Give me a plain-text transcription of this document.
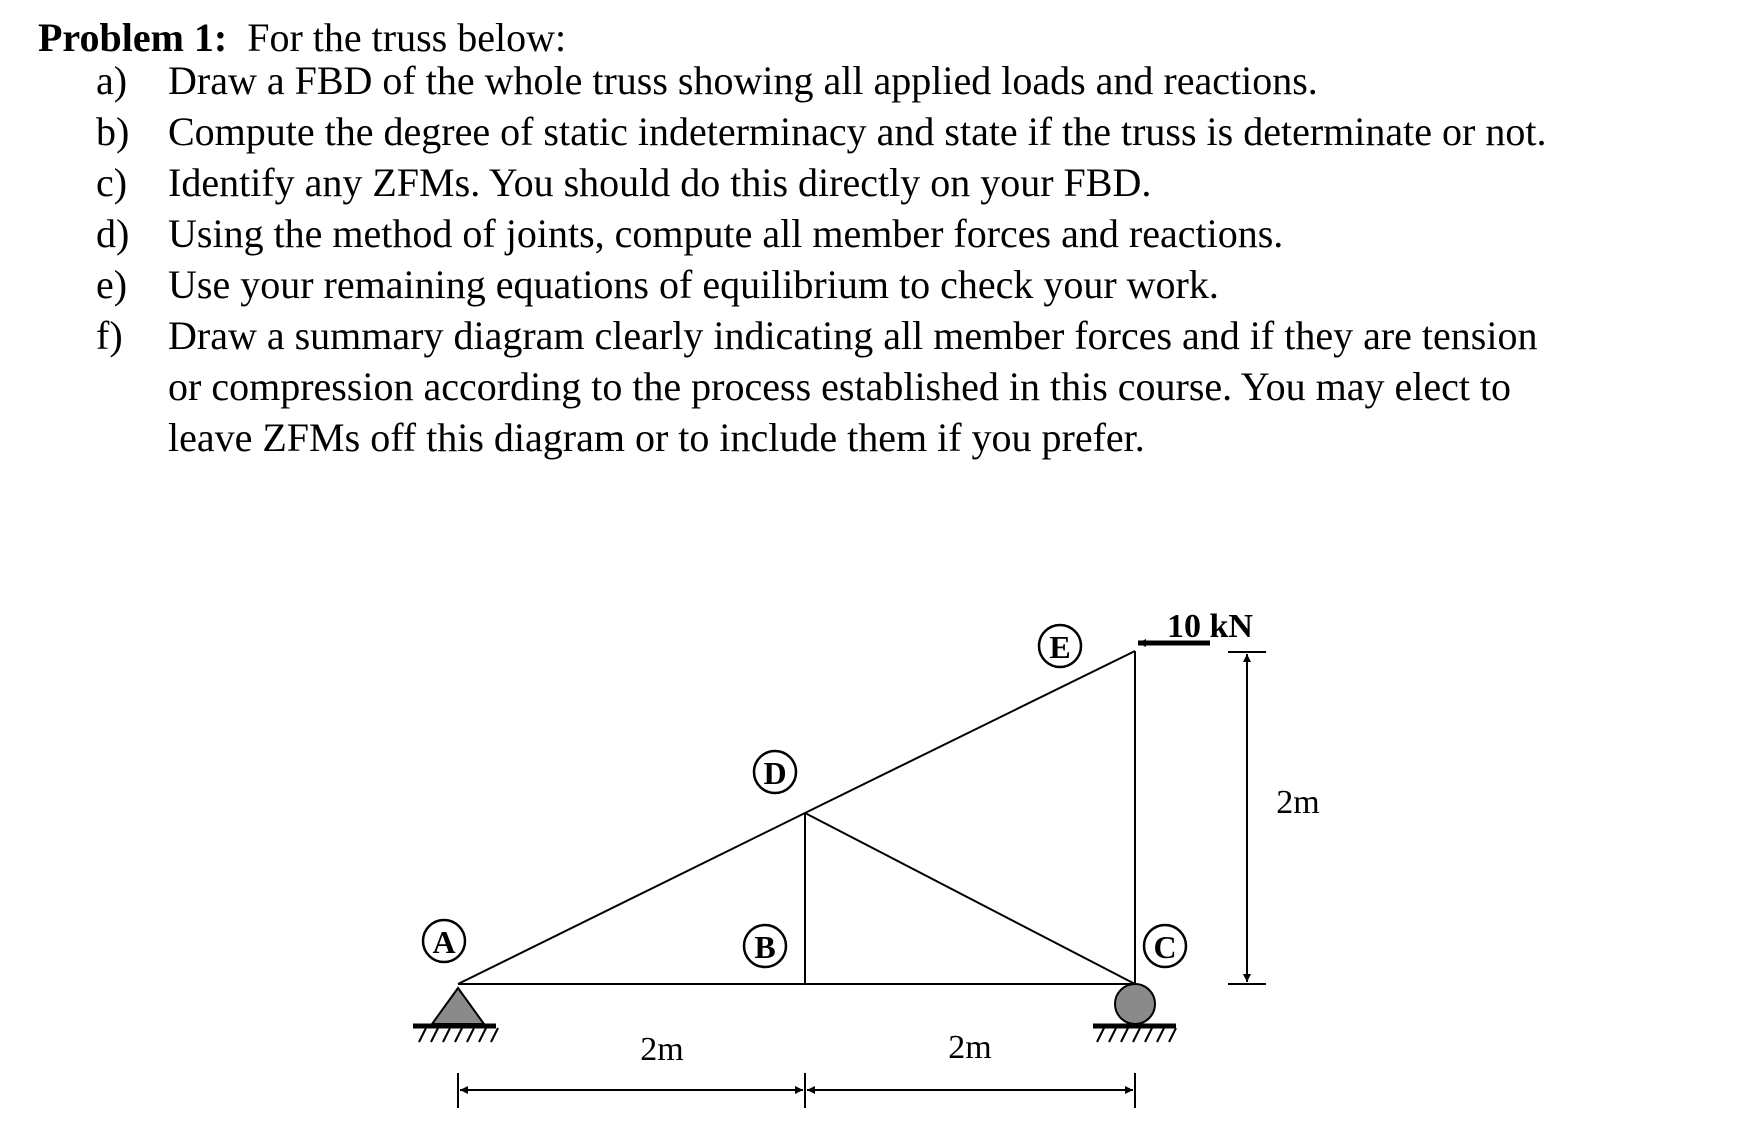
Problem 1: For the truss below:
a) Draw a FBD of the whole truss showing all applied loads and reactions.
b) Compute the degree of static indeterminacy and state if the truss is determinate or not.
c) Identify any ZFMs. You should do this directly on your FBD.
d) Using the method of joints, compute all member forces and reactions.
e) Use your remaining equations of equilibrium to check your work.
f) Draw a summary diagram clearly indicating all member forces and if they are tension
or compression according to the process established in this course. You may elect to
leave ZFMs off this diagram or to include them if you prefer.
A	B	C
D
E
10 kN
2m
2m	2m
